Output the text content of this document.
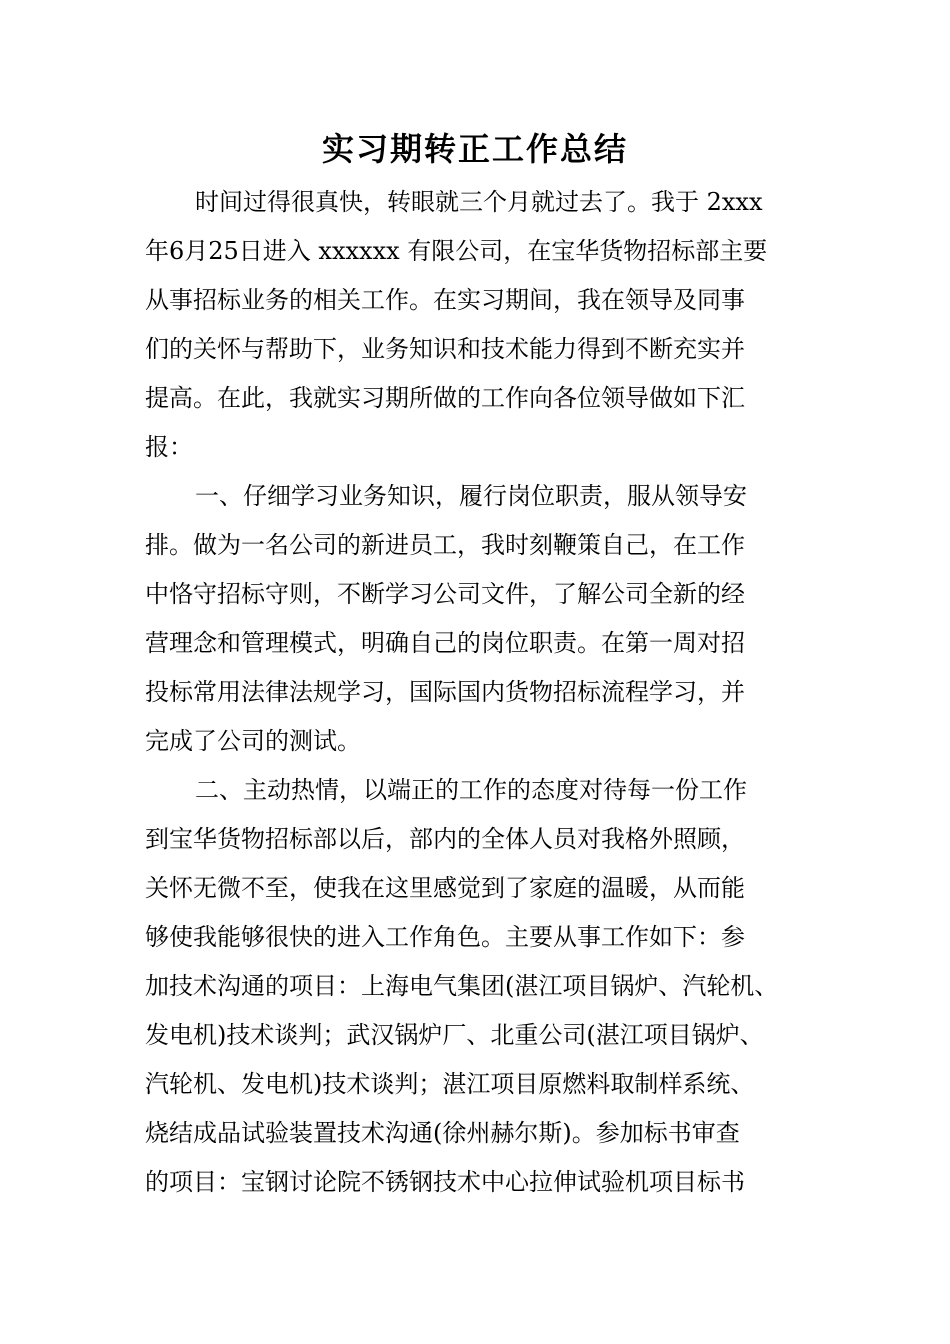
实习期转正工作总结
时间过得很真快，转眼就三个月就过去了。我于 2xxx
年6月25日进入 xxxxxx 有限公司，在宝华货物招标部主要
从事招标业务的相关工作。在实习期间，我在领导及同事
们的关怀与帮助下，业务知识和技术能力得到不断充实并
提高。在此，我就实习期所做的工作向各位领导做如下汇
报：
一、仔细学习业务知识，履行岗位职责，服从领导安
排。做为一名公司的新进员工，我时刻鞭策自己，在工作
中恪守招标守则，不断学习公司文件，了解公司全新的经
营理念和管理模式，明确自己的岗位职责。在第一周对招
投标常用法律法规学习，国际国内货物招标流程学习，并
完成了公司的测试。
二、主动热情，以端正的工作的态度对待每一份工作
到宝华货物招标部以后，部内的全体人员对我格外照顾，
关怀无微不至，使我在这里感觉到了家庭的温暖，从而能
够使我能够很快的进入工作角色。主要从事工作如下：参
加技术沟通的项目：上海电气集团(湛江项目锅炉、汽轮机、
发电机)技术谈判；武汉锅炉厂、北重公司(湛江项目锅炉、
汽轮机、发电机)技术谈判；湛江项目原燃料取制样系统、
烧结成品试验装置技术沟通(徐州赫尔斯)。参加标书审查
的项目：宝钢讨论院不锈钢技术中心拉伸试验机项目标书
